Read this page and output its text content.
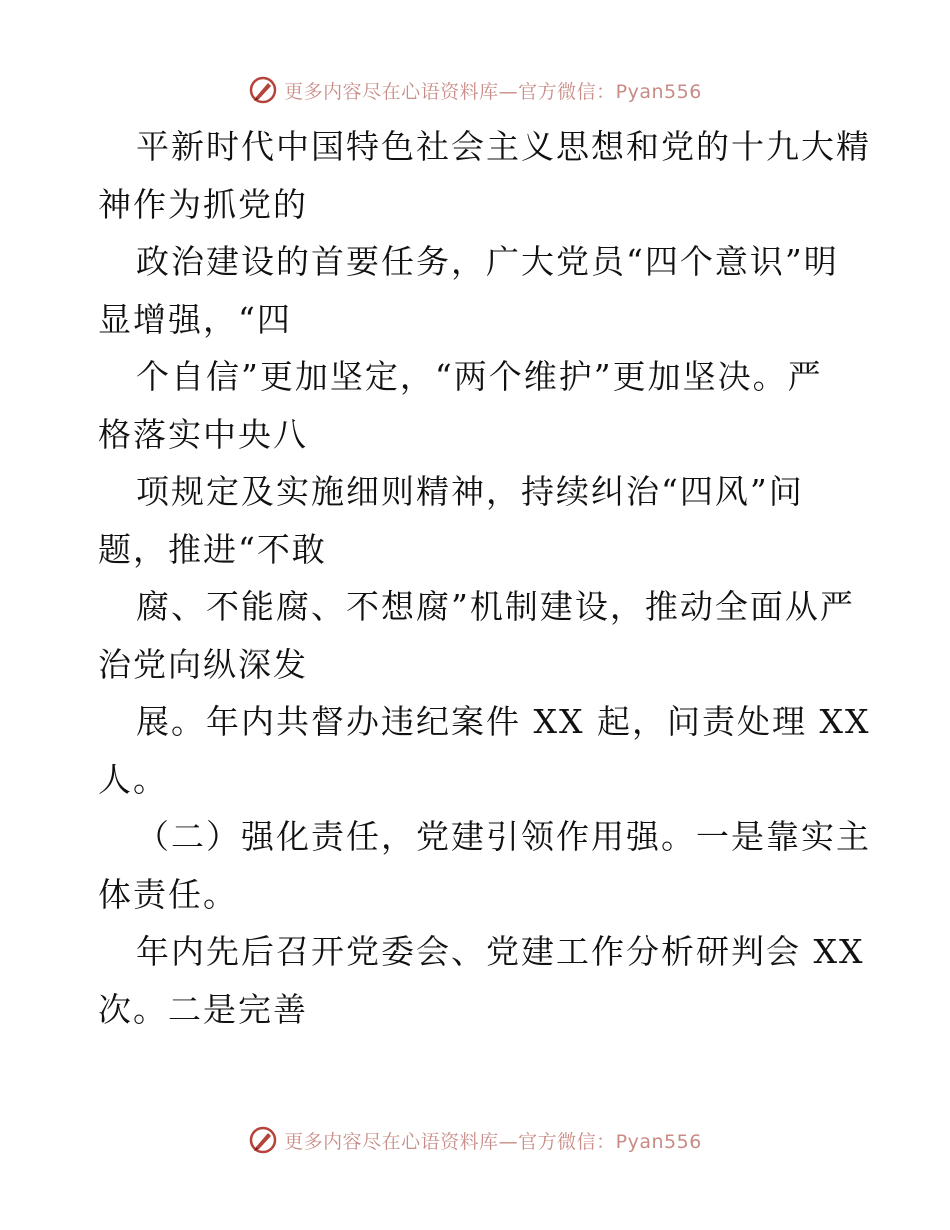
更多内容尽在心语资料库—官方微信：Pyan556
平新时代中国特色社会主义思想和党的十九大精
神作为抓党的
政治建设的首要任务，广大党员“四个意识”明
显增强，“四
个自信”更加坚定，“两个维护”更加坚决。严
格落实中央八
项规定及实施细则精神，持续纠治“四风”问
题，推进“不敢
腐、不能腐、不想腐”机制建设，推动全面从严
治党向纵深发
展。年内共督办违纪案件 XX 起，问责处理 XX
人。
（二）强化责任，党建引领作用强。一是靠实主
体责任。
年内先后召开党委会、党建工作分析研判会 XX
次。二是完善
更多内容尽在心语资料库—官方微信：Pyan556
